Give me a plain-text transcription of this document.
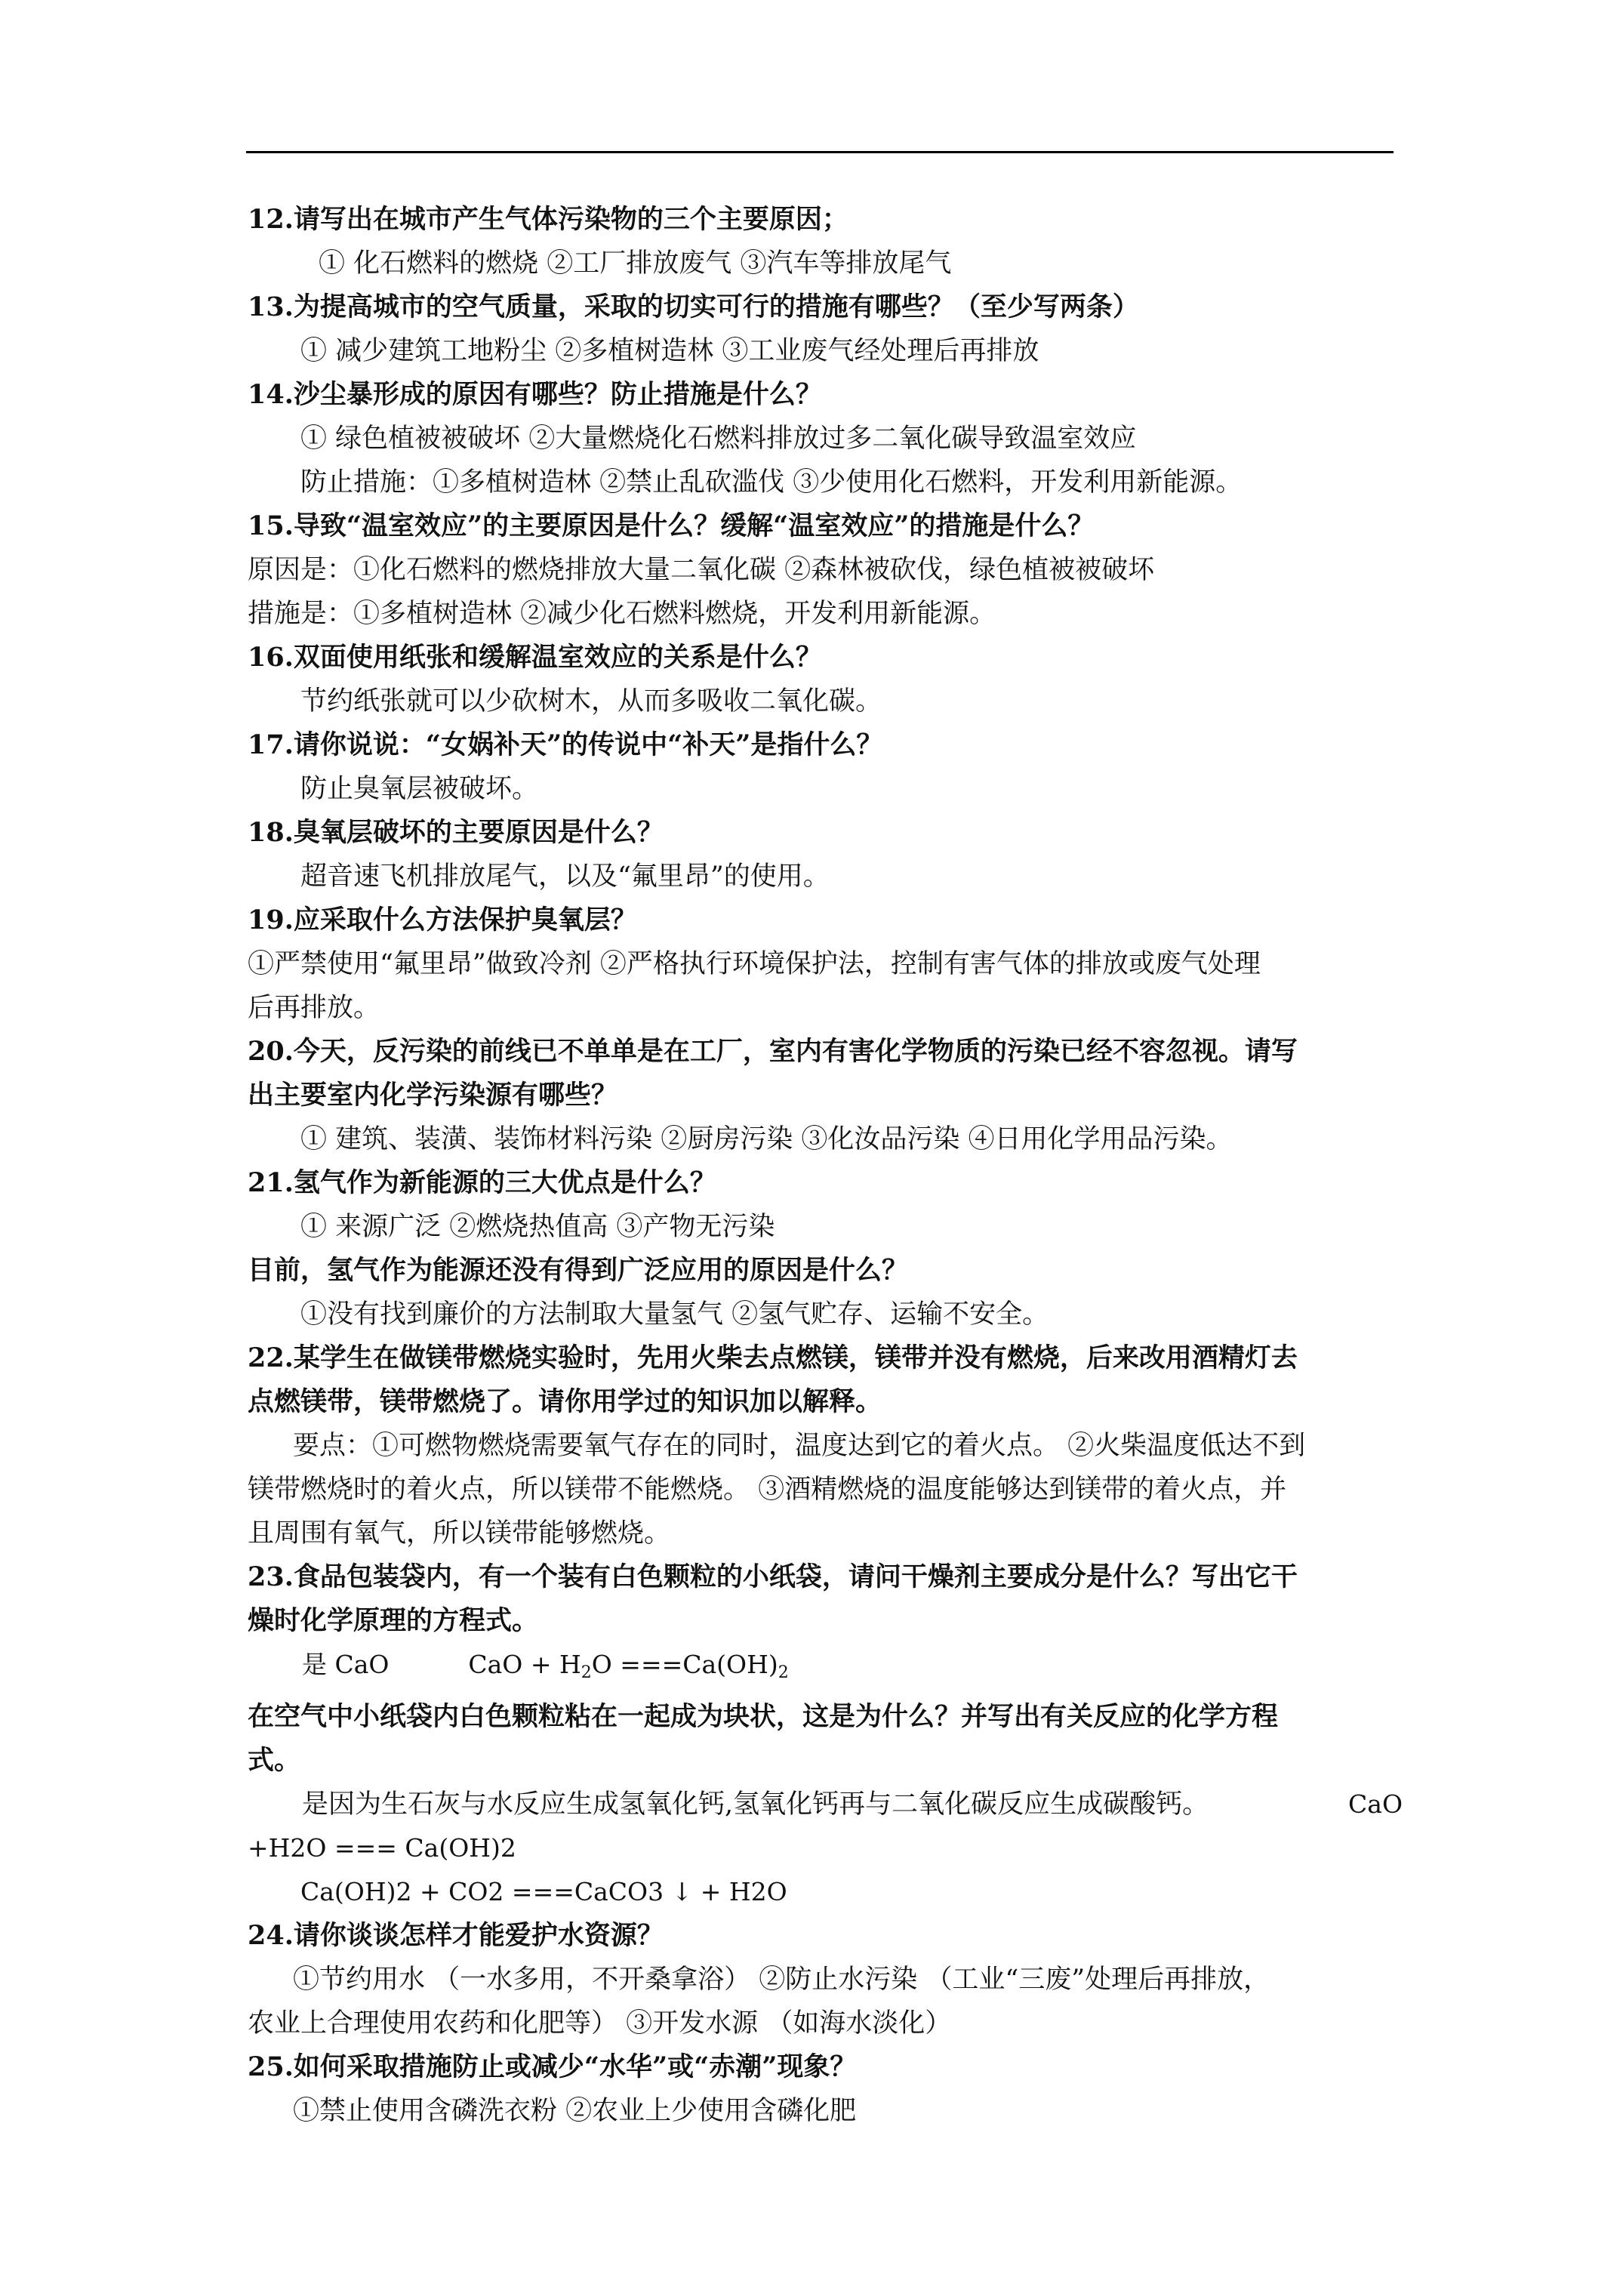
12.请写出在城市产生气体污染物的三个主要原因；

① 化石燃料的燃烧 ②工厂排放废气 ③汽车等排放尾气

13.为提高城市的空气质量，采取的切实可行的措施有哪些？（至少写两条）

① 减少建筑工地粉尘 ②多植树造林 ③工业废气经处理后再排放

14.沙尘暴形成的原因有哪些？防止措施是什么？

① 绿色植被被破坏 ②大量燃烧化石燃料排放过多二氧化碳导致温室效应

防止措施：①多植树造林 ②禁止乱砍滥伐 ③少使用化石燃料，开发利用新能源。

15.导致“温室效应”的主要原因是什么？缓解“温室效应”的措施是什么？

原因是：①化石燃料的燃烧排放大量二氧化碳 ②森林被砍伐，绿色植被被破坏

措施是：①多植树造林 ②减少化石燃料燃烧，开发利用新能源。

16.双面使用纸张和缓解温室效应的关系是什么？

节约纸张就可以少砍树木，从而多吸收二氧化碳。

17.请你说说：“女娲补天”的传说中“补天”是指什么？

防止臭氧层被破坏。

18.臭氧层破坏的主要原因是什么？

超音速飞机排放尾气，以及“氟里昂”的使用。

19.应采取什么方法保护臭氧层？

①严禁使用“氟里昂”做致冷剂 ②严格执行环境保护法，控制有害气体的排放或废气处理

后再排放。

20.今天，反污染的前线已不单单是在工厂，室内有害化学物质的污染已经不容忽视。请写

出主要室内化学污染源有哪些？

① 建筑、装潢、装饰材料污染 ②厨房污染 ③化汝品污染 ④日用化学用品污染。

21.氢气作为新能源的三大优点是什么？

① 来源广泛 ②燃烧热值高 ③产物无污染

目前，氢气作为能源还没有得到广泛应用的原因是什么？

①没有找到廉价的方法制取大量氢气 ②氢气贮存、运输不安全。

22.某学生在做镁带燃烧实验时，先用火柴去点燃镁，镁带并没有燃烧，后来改用酒精灯去

点燃镁带，镁带燃烧了。请你用学过的知识加以解释。

要点：①可燃物燃烧需要氧气存在的同时，温度达到它的着火点。 ②火柴温度低达不到

镁带燃烧时的着火点，所以镁带不能燃烧。 ③酒精燃烧的温度能够达到镁带的着火点，并

且周围有氧气，所以镁带能够燃烧。

23.食品包装袋内，有一个装有白色颗粒的小纸袋，请问干燥剂主要成分是什么？写出它干

燥时化学原理的方程式。

是 CaO	CaO + $H_2O ===Ca(OH)_2$

在空气中小纸袋内白色颗粒粘在一起成为块状，这是为什么？并写出有关反应的化学方程

式。

是因为生石灰与水反应生成氢氧化钙,氢氧化钙再与二氧化碳反应生成碳酸钙。	CaO

+H2O === Ca(OH)2

Ca(OH)2 + CO2 ===CaCO3 ↓ + H2O

24.请你谈谈怎样才能爱护水资源？

①节约用水 （一水多用，不开桑拿浴） ②防止水污染 （工业“三废”处理后再排放，

农业上合理使用农药和化肥等） ③开发水源 （如海水淡化）

25.如何采取措施防止或减少“水华”或“赤潮”现象？

①禁止使用含磷洗衣粉 ②农业上少使用含磷化肥
